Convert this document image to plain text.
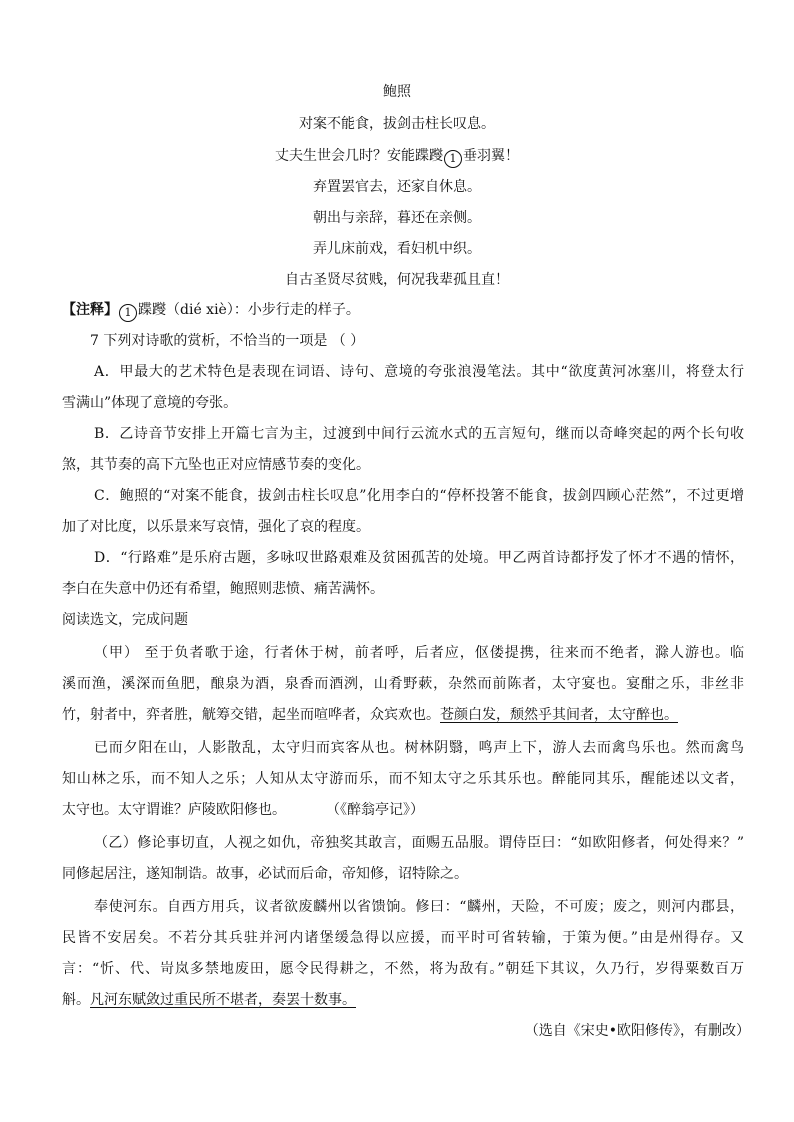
鲍照
对案不能食，拔剑击柱长叹息。
丈夫生世会几时？安能蹀躞 1 垂羽翼！
弃置罢官去，还家自休息。
朝出与亲辞，暮还在亲侧。
弄儿床前戏，看妇机中织。
自古圣贤尽贫贱，何况我辈孤且直！
【注释】 1 蹀躞（dié xiè）：小步行走的样子。
7 下列对诗歌的赏析，不恰当的一项是 （ ）
A．甲最大的艺术特色是表现在词语、诗句、意境的夸张浪漫笔法。其中“欲度黄河冰塞川，将登太行
雪满山”体现了意境的夸张。
B．乙诗音节安排上开篇七言为主，过渡到中间行云流水式的五言短句，继而以奇峰突起的两个长句收
煞，其节奏的高下亢坠也正对应情感节奏的变化。
C．鲍照的“对案不能食，拔剑击柱长叹息”化用李白的“停杯投箸不能食，拔剑四顾心茫然”，不过更增
加了对比度，以乐景来写哀情，强化了哀的程度。
D．“行路难”是乐府古题，多咏叹世路艰难及贫困孤苦的处境。甲乙两首诗都抒发了怀才不遇的情怀，
李白在失意中仍还有希望，鲍照则悲愤、痛苦满怀。
阅读选文，完成问题
（甲） 至于负者歌于途，行者休于树，前者呼，后者应，伛偻提携，往来而不绝者，滁人游也。临
溪而渔，溪深而鱼肥，酿泉为酒，泉香而酒洌，山肴野蔌，杂然而前陈者，太守宴也。宴酣之乐，非丝非
竹，射者中，弈者胜，觥筹交错，起坐而喧哗者，众宾欢也。苍颜白发，颓然乎其间者，太守醉也。
已而夕阳在山，人影散乱，太守归而宾客从也。树林阴翳，鸣声上下，游人去而禽鸟乐也。然而禽鸟
知山林之乐，而不知人之乐；人知从太守游而乐，而不知太守之乐其乐也。醉能同其乐，醒能述以文者，
太守也。太守谓谁？庐陵欧阳修也。	（《醉翁亭记》）
（乙）修论事切直，人视之如仇，帝独奖其敢言，面赐五品服。谓侍臣曰：“如欧阳修者，何处得来？”
同修起居注，遂知制诰。故事，必试而后命，帝知修，诏特除之。
奉使河东。自西方用兵，议者欲废麟州以省馈饷。修曰：“麟州，天险，不可废；废之，则河内郡县，
民皆不安居矣。不若分其兵驻并河内诸堡缓急得以应援，而平时可省转输，于策为便。”由是州得存。又
言：“忻、代、岢岚多禁地废田，愿令民得耕之，不然，将为敌有。”朝廷下其议，久乃行，岁得粟数百万
斛。凡河东赋敛过重民所不堪者，奏罢十数事。
（选自《宋史•欧阳修传》，有删改）
